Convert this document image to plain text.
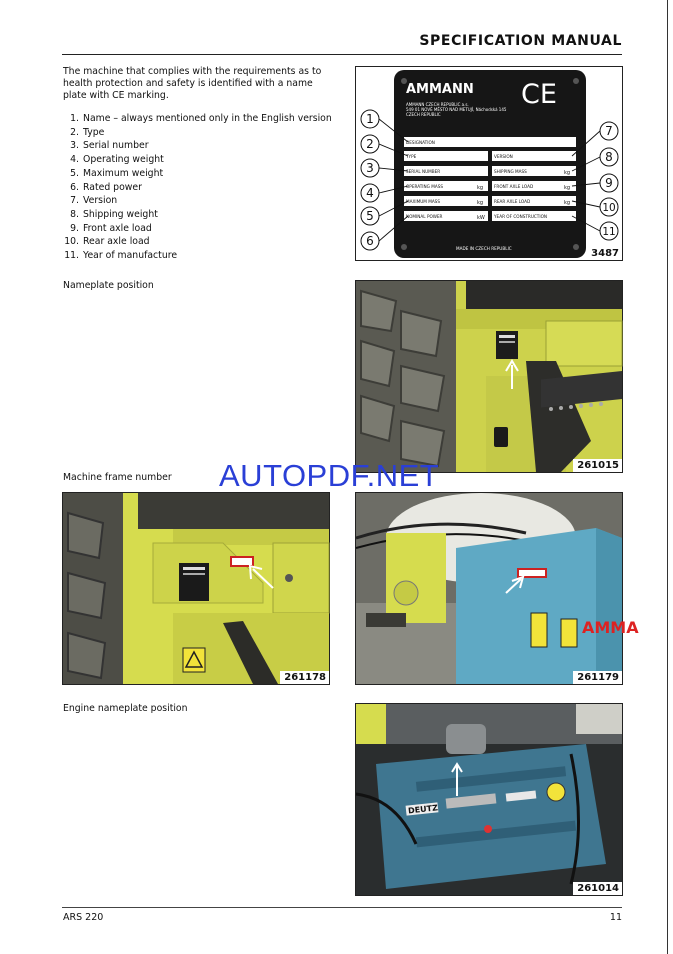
SPECIFICATION MANUAL
The machine that complies with the requirements as to health protection and safety is identified with a name plate with CE marking.
1. Name – always mentioned only in the English version
2. Type
3. Serial number
4. Operating weight
5. Maximum weight
6. Rated power
7. Version
8. Shipping weight
9. Front axle load
10. Rear axle load
11. Year of manufacture
AMMANN CE
AMMANN CZECH REPUBLIC a.s.
549 01 NOVÉ MĚSTO NAD METUJÍ, Náchodská 145
CZECH REPUBLIC
DESIGNATION
TYPE	VERSION
SERIAL NUMBER	SHIPPING MASS	kg
OPERATING MASS	kg	FRONT AXLE LOAD	kg
MAXIMUM MASS	kg	REAR AXLE LOAD	kg
NOMINAL POWER	kW YEAR OF CONSTRUCTION
MADE IN CZECH REPUBLIC
1
2
3
4
5
6
7
8
9
10
11
3487
Nameplate position
261015
AUTOPDF.NET
Machine frame number
261178
AMMA
261179
Engine nameplate position
DEUTZ
261014
ARS 220	11
